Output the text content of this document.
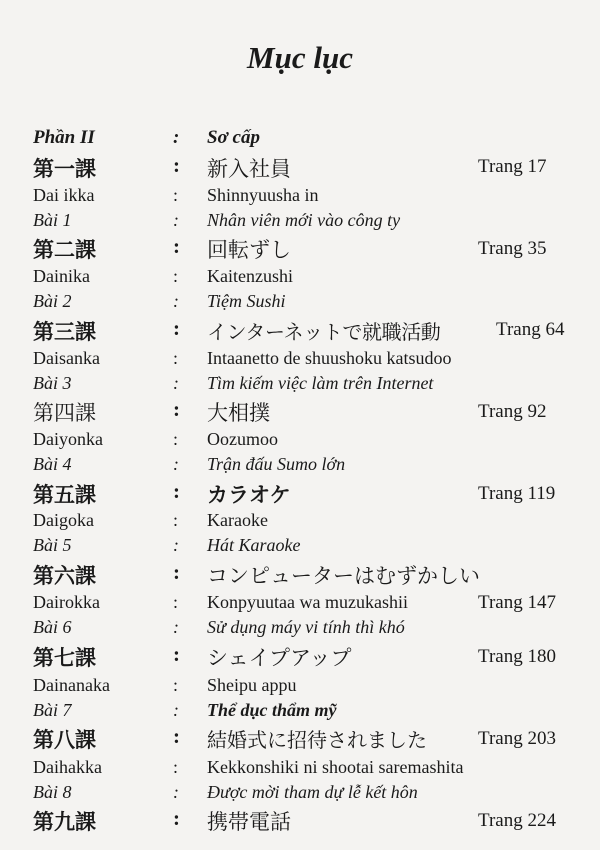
Mục lục
Phần II	: Sơ cấp
第一課	: 新入社員	Trang 17
Dai ikka	: Shinnyuusha in
Bài 1	: Nhân viên mới vào công ty
第二課	: 回転ずし	Trang 35
Dainika	: Kaitenzushi
Bài 2	: Tiệm Sushi
第三課	: インターネットで就職活動	Trang 64
Daisanka	: Intaanetto de shuushoku katsudoo
Bài 3	: Tìm kiếm việc làm trên Internet
第四課	: 大相撲	Trang 92
Daiyonka	: Oozumoo
Bài 4	: Trận đấu Sumo lớn
第五課	: カラオケ	Trang 119
Daigoka	: Karaoke
Bài 5	: Hát Karaoke
第六課	: コンピューターはむずかしい
Dairokka	: Konpyuutaa wa muzukashii	Trang 147
Bài 6	: Sử dụng máy vi tính thì khó
第七課	: シェイプアップ	Trang 180
Dainanaka	: Sheipu appu
Bài 7	: Thể dục thẩm mỹ
第八課	: 結婚式に招待されました	Trang 203
Daihakka	: Kekkonshiki ni shootai saremashita
Bài 8	: Được mời tham dự lễ kết hôn
第九課	: 携帯電話	Trang 224
